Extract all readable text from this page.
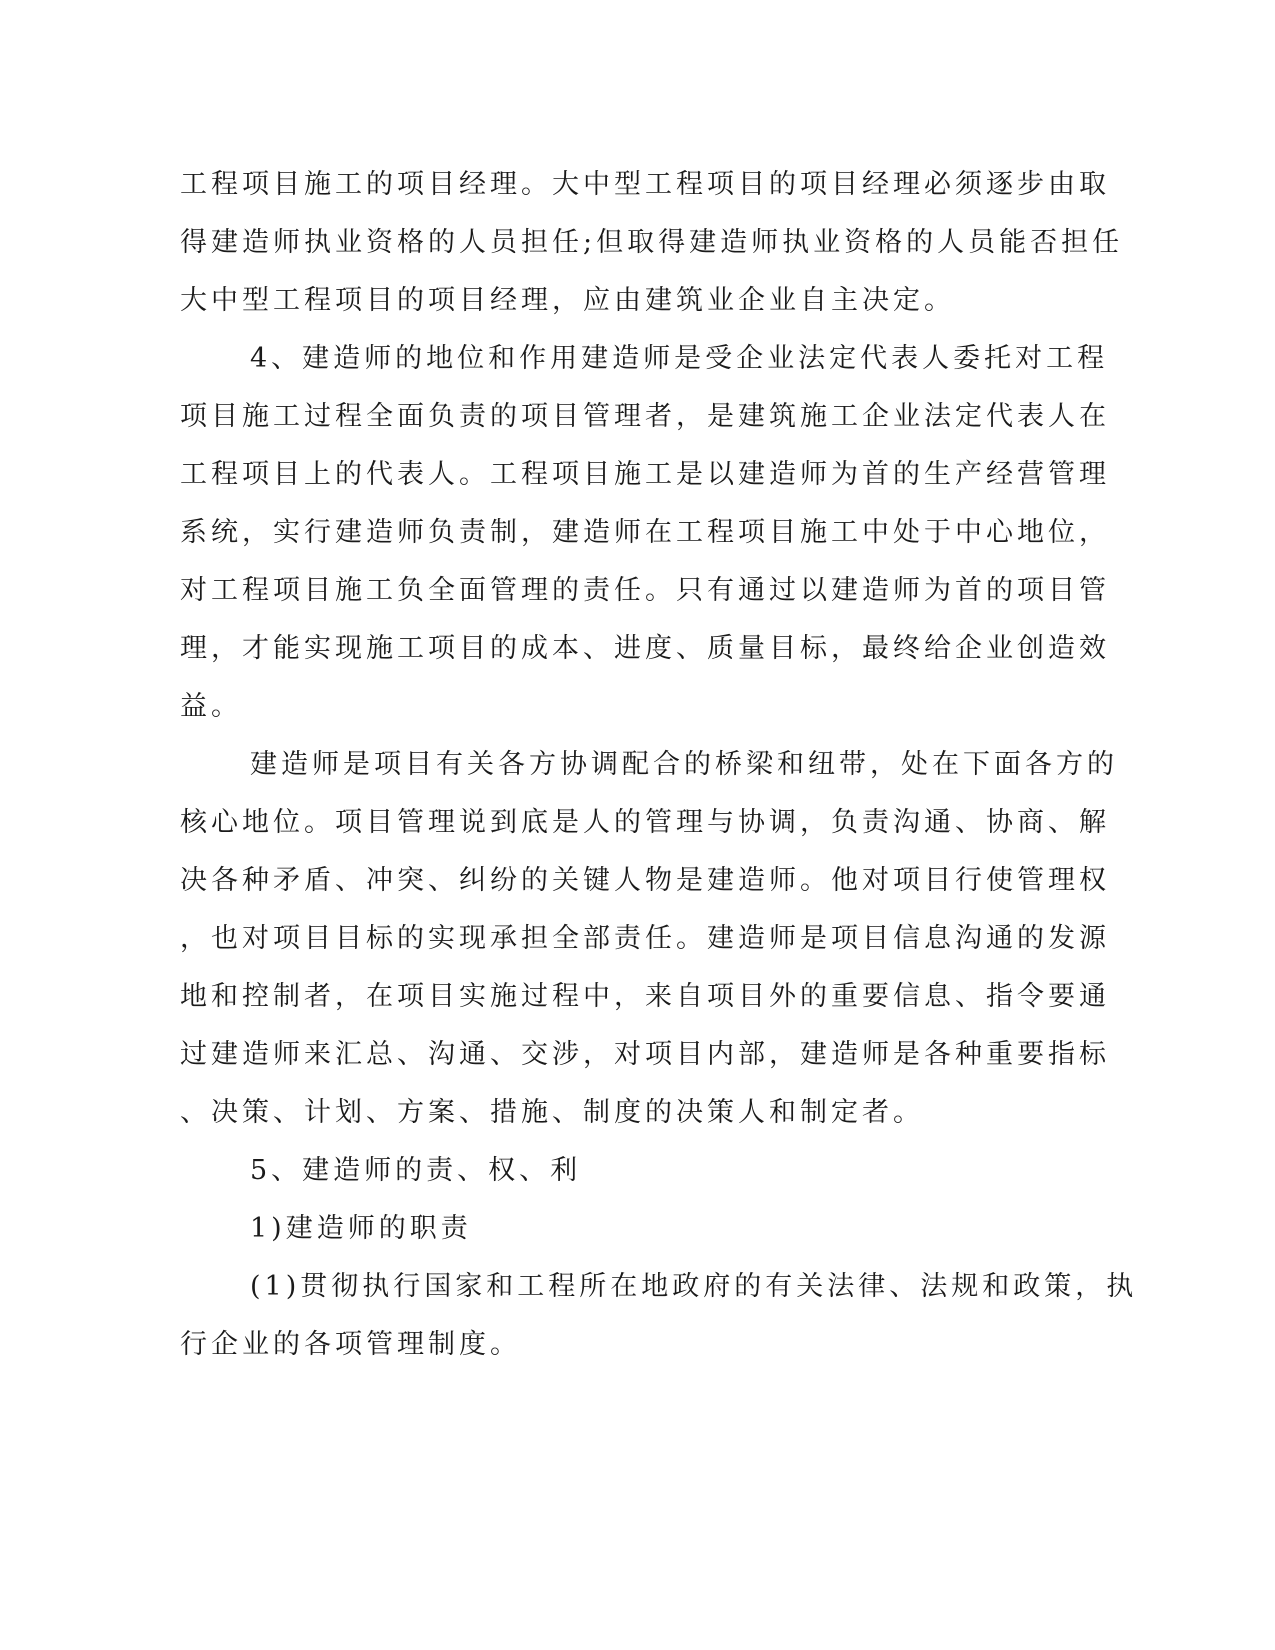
工程项目施工的项目经理。大中型工程项目的项目经理必须逐步由取
得建造师执业资格的人员担任;但取得建造师执业资格的人员能否担任
大中型工程项目的项目经理，应由建筑业企业自主决定。
4、建造师的地位和作用建造师是受企业法定代表人委托对工程
项目施工过程全面负责的项目管理者，是建筑施工企业法定代表人在
工程项目上的代表人。工程项目施工是以建造师为首的生产经营管理
系统，实行建造师负责制，建造师在工程项目施工中处于中心地位，
对工程项目施工负全面管理的责任。只有通过以建造师为首的项目管
理，才能实现施工项目的成本、进度、质量目标，最终给企业创造效
益。
建造师是项目有关各方协调配合的桥梁和纽带，处在下面各方的
核心地位。项目管理说到底是人的管理与协调，负责沟通、协商、解
决各种矛盾、冲突、纠纷的关键人物是建造师。他对项目行使管理权
，也对项目目标的实现承担全部责任。建造师是项目信息沟通的发源
地和控制者，在项目实施过程中，来自项目外的重要信息、指令要通
过建造师来汇总、沟通、交涉，对项目内部，建造师是各种重要指标
、决策、计划、方案、措施、制度的决策人和制定者。
5、建造师的责、权、利
1)建造师的职责
(1)贯彻执行国家和工程所在地政府的有关法律、法规和政策，执
行企业的各项管理制度。
